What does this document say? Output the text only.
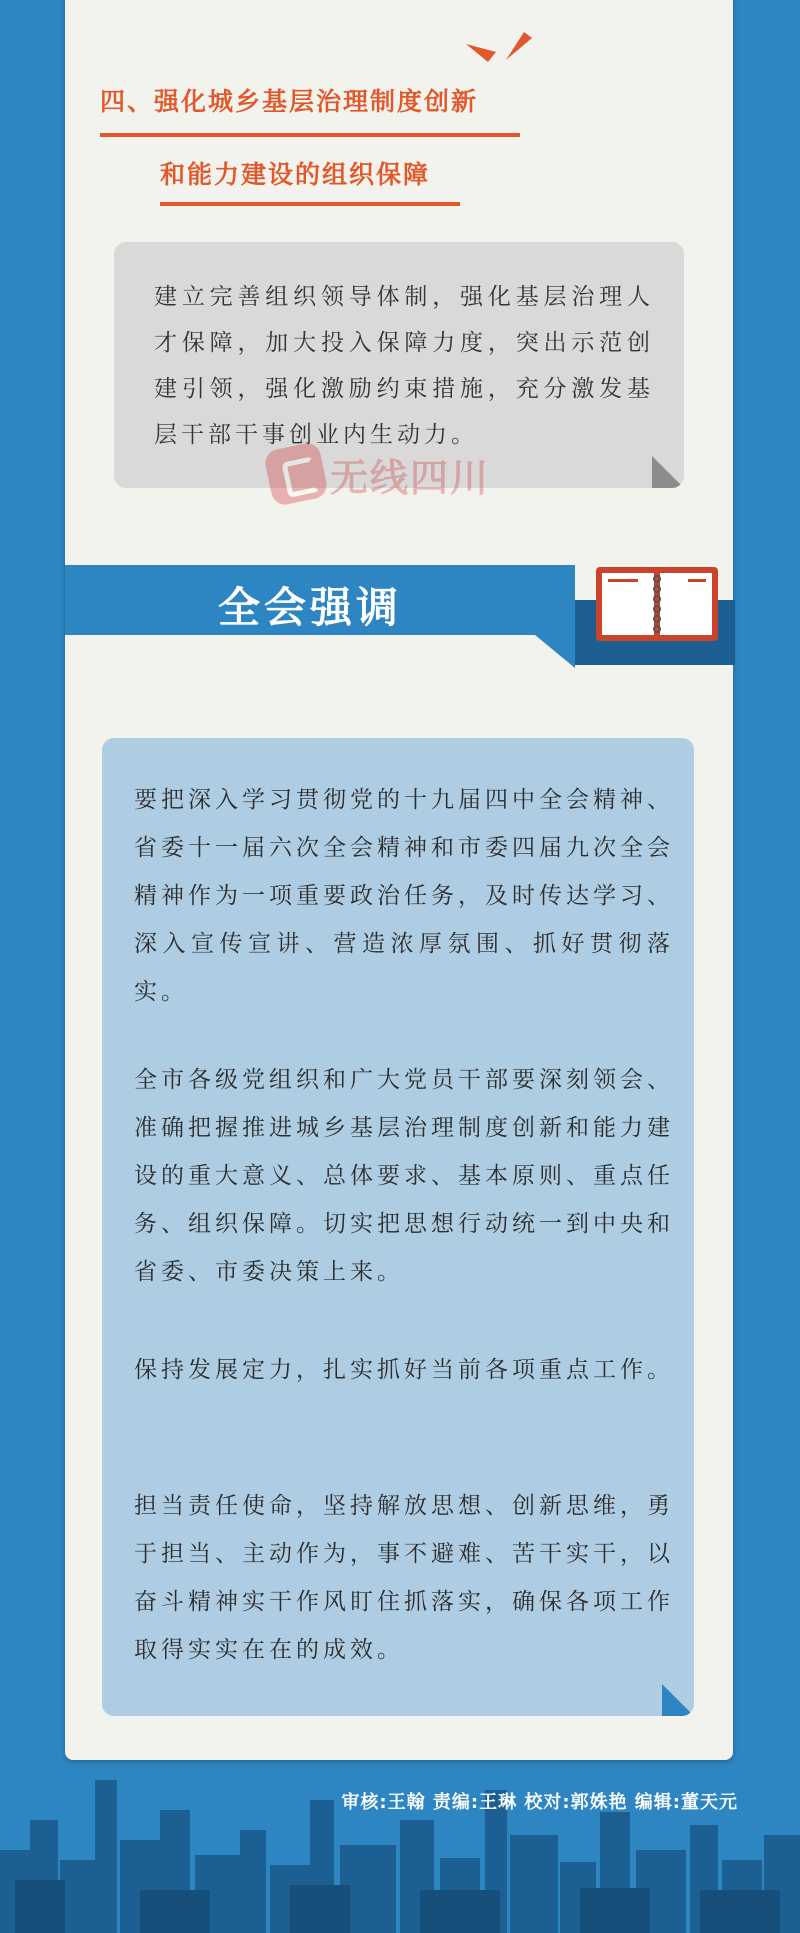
四、强化城乡基层治理制度创新
和能力建设的组织保障
建立完善组织领导体制，强化基层治理人才保障，加大投入保障力度，突出示范创建引领，强化激励约束措施，充分激发基层干部干事创业内生动力。
无线四川
全会强调
要把深入学习贯彻党的十九届四中全会精神、省委十一届六次全会精神和市委四届九次全会精神作为一项重要政治任务，及时传达学习、深入宣传宣讲、营造浓厚氛围、抓好贯彻落实。
全市各级党组织和广大党员干部要深刻领会、准确把握推进城乡基层治理制度创新和能力建设的重大意义、总体要求、基本原则、重点任务、组织保障。切实把思想行动统一到中央和省委、市委决策上来。
保持发展定力，扎实抓好当前各项重点工作。
担当责任使命，坚持解放思想、创新思维，勇于担当、主动作为，事不避难、苦干实干，以奋斗精神实干作风盯住抓落实，确保各项工作取得实实在在的成效。
审核:王翰 责编:王琳 校对:郭姝艳 编辑:董天元
